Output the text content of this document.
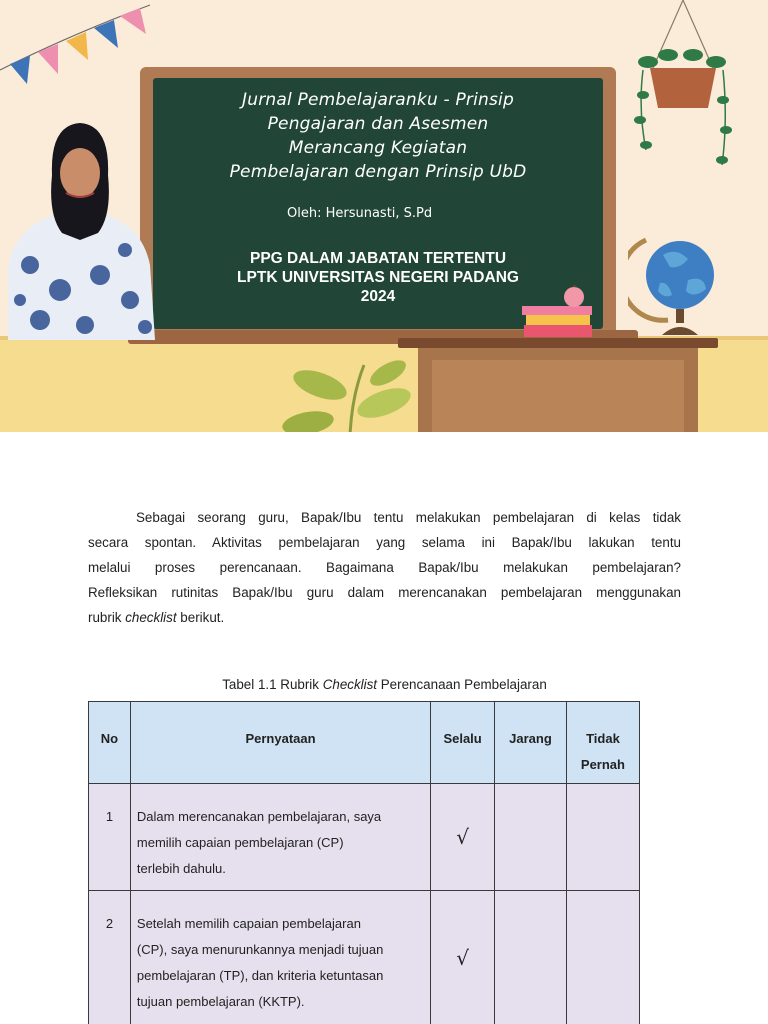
Jurnal Pembelajaranku - Prinsip
Pengajaran dan Asesmen
Merancang Kegiatan
Pembelajaran dengan Prinsip UbD
Oleh: Hersunasti, S.Pd
PPG DALAM JABATAN TERTENTU
LPTK UNIVERSITAS NEGERI PADANG
2024
Sebagai seorang guru, Bapak/Ibu tentu melakukan pembelajaran di kelas tidak
secara spontan. Aktivitas pembelajaran yang selama ini Bapak/Ibu lakukan tentu
melalui proses perencanaan. Bagaimana Bapak/Ibu melakukan pembelajaran?
Refleksikan rutinitas Bapak/Ibu guru dalam merencanakan pembelajaran menggunakan
rubrik checklist berikut.
Tabel 1.1 Rubrik Checklist Perencanaan Pembelajaran
No	Pernyataan	Selalu	Jarang	Tidak Pernah
1	Dalam merencanakan pembelajaran, saya
memilih capaian pembelajaran (CP)
terlebih dahulu.	√		
2	Setelah memilih capaian pembelajaran
(CP), saya menurunkannya menjadi tujuan
pembelajaran (TP), dan kriteria ketuntasan
tujuan pembelajaran (KKTP).	√		
